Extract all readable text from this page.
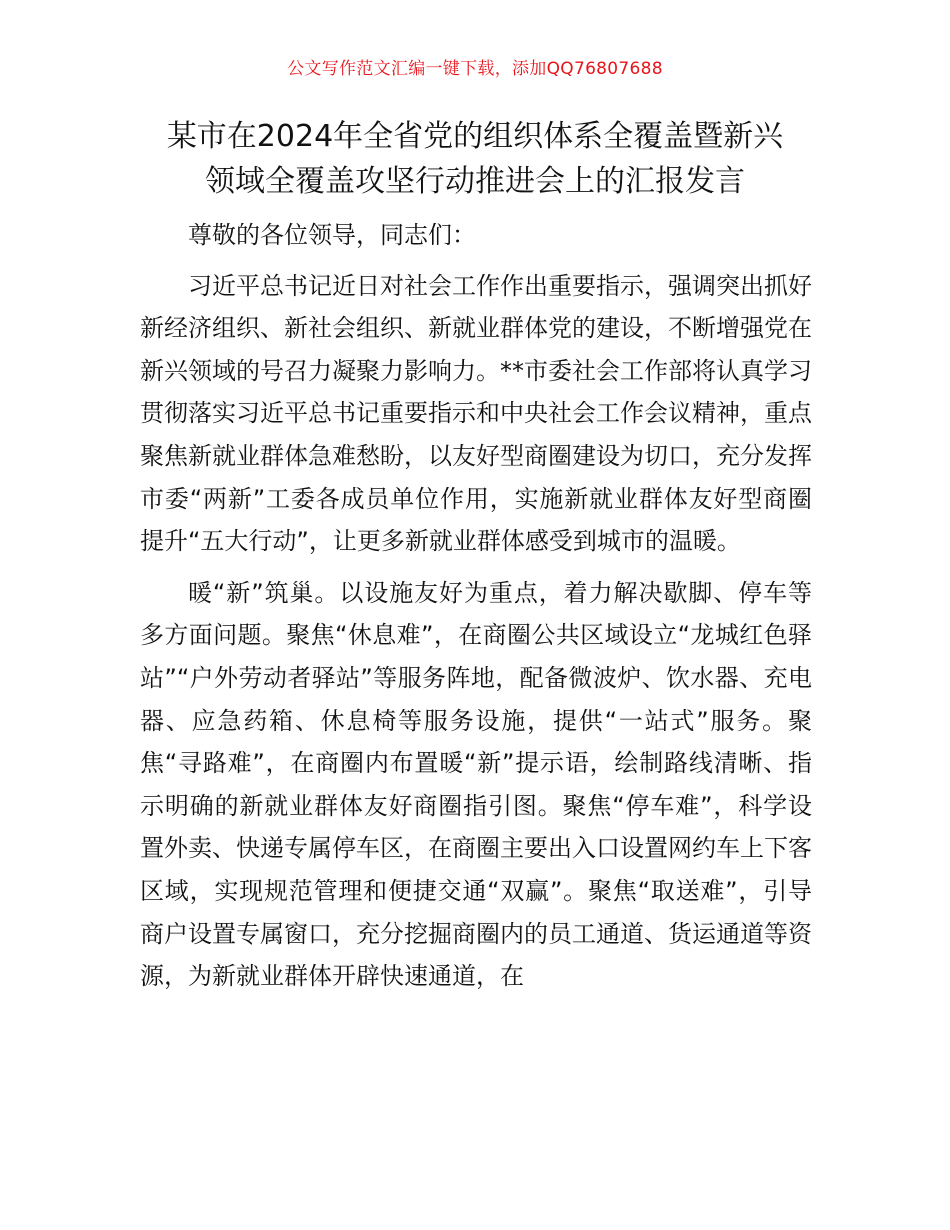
公文写作范文汇编一键下载，添加QQ76807688
某市在2024年全省党的组织体系全覆盖暨新兴
领域全覆盖攻坚行动推进会上的汇报发言

尊敬的各位领导，同志们：

习近平总书记近日对社会工作作出重要指示，强调突出抓好新经济组织、新社会组织、新就业群体党的建设，不断增强党在新兴领域的号召力凝聚力影响力。**市委社会工作部将认真学习贯彻落实习近平总书记重要指示和中央社会工作会议精神，重点聚焦新就业群体急难愁盼，以友好型商圈建设为切口，充分发挥市委“两新”工委各成员单位作用，实施新就业群体友好型商圈提升“五大行动”，让更多新就业群体感受到城市的温暖。

暖“新”筑巢。以设施友好为重点，着力解决歇脚、停车等多方面问题。聚焦“休息难”，在商圈公共区域设立“龙城红色驿站”“户外劳动者驿站”等服务阵地，配备微波炉、饮水器、充电器、应急药箱、休息椅等服务设施，提供“一站式”服务。聚焦“寻路难”，在商圈内布置暖“新”提示语，绘制路线清晰、指示明确的新就业群体友好商圈指引图。聚焦“停车难”，科学设置外卖、快递专属停车区，在商圈主要出入口设置网约车上下客区域，实现规范管理和便捷交通“双赢”。聚焦“取送难”，引导商户设置专属窗口，充分挖掘商圈内的员工通道、货运通道等资源，为新就业群体开辟快速通道，在
